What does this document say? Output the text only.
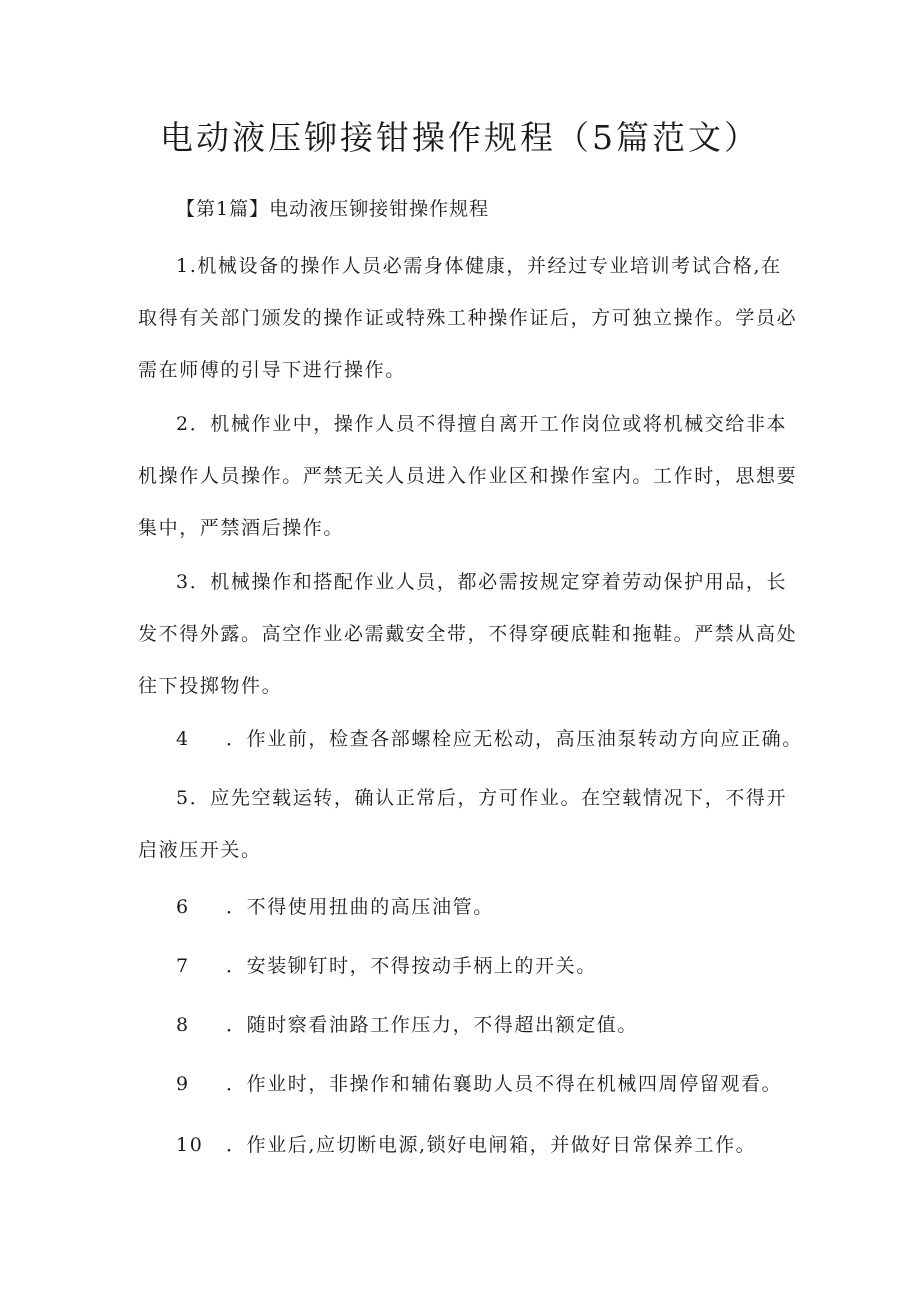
电动液压铆接钳操作规程（5篇范文）

【第1篇】电动液压铆接钳操作规程

1.机械设备的操作人员必需身体健康，并经过专业培训考试合格,在取得有关部门颁发的操作证或特殊工种操作证后，方可独立操作。学员必需在师傅的引导下进行操作。

2．机械作业中，操作人员不得擅自离开工作岗位或将机械交给非本机操作人员操作。严禁无关人员进入作业区和操作室内。工作时，思想要集中，严禁酒后操作。

3．机械操作和搭配作业人员，都必需按规定穿着劳动保护用品，长发不得外露。高空作业必需戴安全带，不得穿硬底鞋和拖鞋。严禁从高处往下投掷物件。

4 ．作业前，检查各部螺栓应无松动，高压油泵转动方向应正确。

5．应先空载运转，确认正常后，方可作业。在空载情况下，不得开启液压开关。

6 ．不得使用扭曲的高压油管。

7 ．安装铆钉时，不得按动手柄上的开关。

8 ．随时察看油路工作压力，不得超出额定值。

9 ．作业时，非操作和辅佑襄助人员不得在机械四周停留观看。

10 ．作业后,应切断电源,锁好电闸箱，并做好日常保养工作。
